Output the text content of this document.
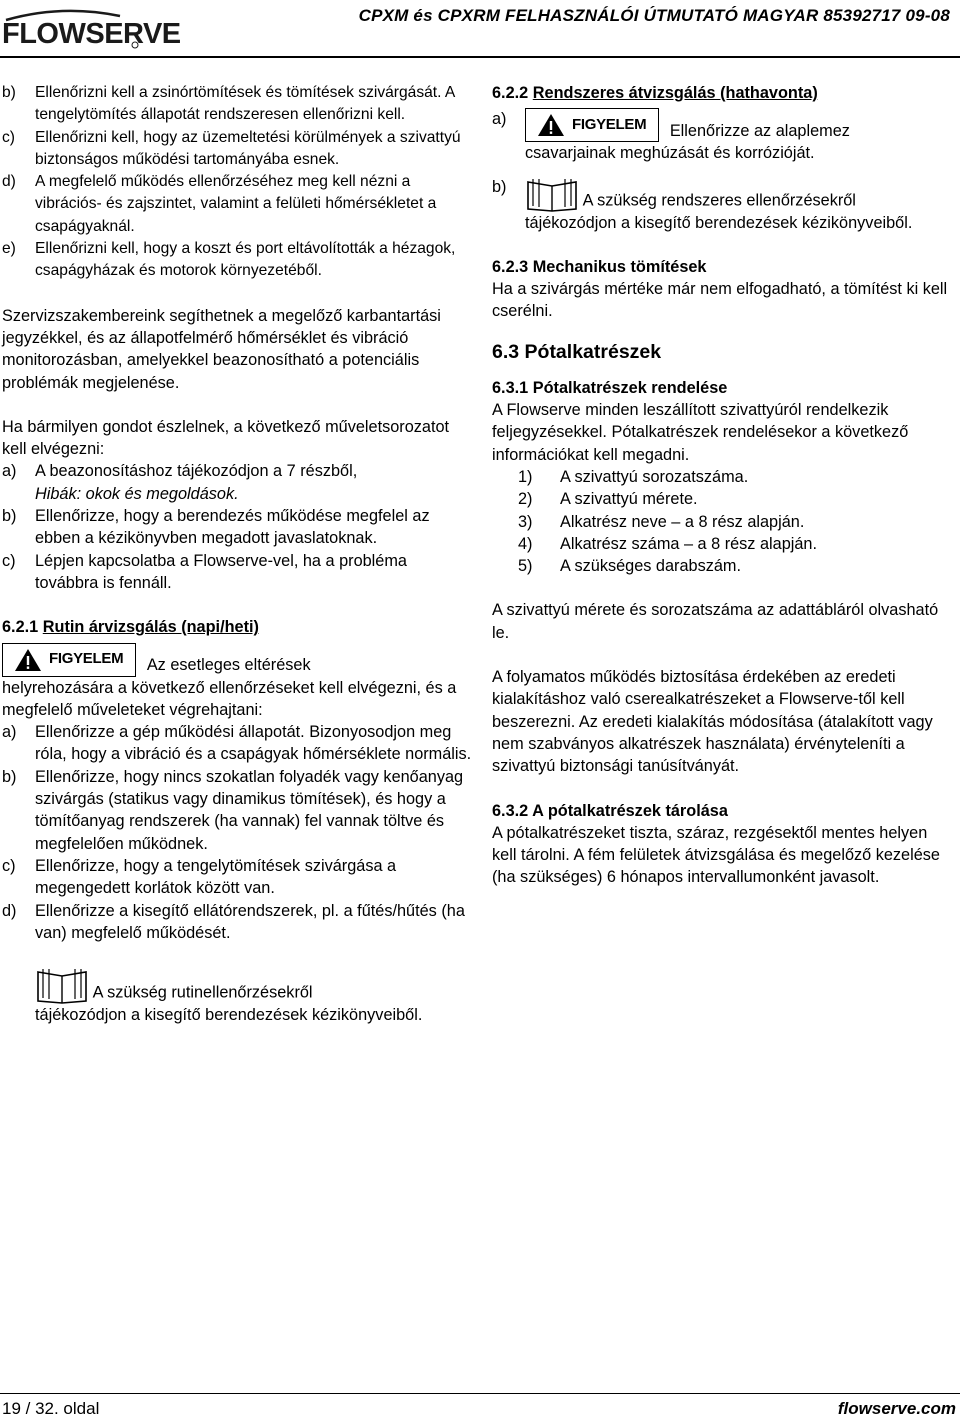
FLOWSERVE
CPXM és CPXRM FELHASZNÁLÓI ÚTMUTATÓ MAGYAR 85392717 09-08
b)	Ellenőrizni kell a zsinórtömítések és tömítések szivárgását. A tengelytömítés állapotát rendszeresen ellenőrizni kell.
c)	Ellenőrizni kell, hogy az üzemeltetési körülmények a szivattyú biztonságos működési tartományába esnek.
d)	A megfelelő működés ellenőrzéséhez meg kell nézni a vibrációs- és zajszintet, valamint a felületi hőmérsékletet a csapágyaknál.
e)	Ellenőrizni kell, hogy a koszt és port eltávolították a hézagok, csapágyházak és motorok környezetéből.

Szervizszakembereink segíthetnek a megelőző karbantartási jegyzékkel, és az állapotfelmérő hőmérséklet és vibráció monitorozásban, amelyekkel beazonosítható a potenciális problémák megjelenése.

Ha bármilyen gondot észlelnek, a következő műveletsorozatot kell elvégezni:

a)	A beazonosításhoz tájékozódjon a 7 részből,
Hibák: okok és megoldások.
b)	Ellenőrizze, hogy a berendezés működése megfelel az ebben a kézikönyvben megadott javaslatoknak.
c)	Lépjen kapcsolatba a Flowserve-vel, ha a probléma továbbra is fennáll.
6.2.1 Rutin árvizsgálás (napi/heti)
FIGYELEM Az esetleges eltérések

helyrehozására a következő ellenőrzéseket kell elvégezni, és a megfelelő műveleteket végrehajtani:

a)	Ellenőrizze a gép működési állapotát. Bizonyosodjon meg róla, hogy a vibráció és a csapágyak hőmérséklete normális.
b)	Ellenőrizze, hogy nincs szokatlan folyadék vagy kenőanyag szivárgás (statikus vagy dinamikus tömítések), és hogy a tömítőanyag rendszerek (ha vannak) fel vannak töltve és megfelelően működnek.
c)	Ellenőrizze, hogy a tengelytömítések szivárgása a megengedett korlátok között van.
d)	Ellenőrizze a kisegítő ellátórendszerek, pl. a fűtés/hűtés (ha van) megfelelő működését.
A szükség rutinellenőrzésekről

tájékozódjon a kisegítő berendezések kézikönyveiből.

6.2.2 Rendszeres átvizsgálás (hathavonta)
a)	FIGYELEM Ellenőrizze az alaplemez
csavarjainak meghúzását és korrózióját.
b)
A szükség rendszeres ellenőrzésekről
tájékozódjon a kisegítő berendezések kézikönyveiből.
6.2.3 Mechanikus tömítések

Ha a szivárgás mértéke már nem elfogadható, a tömítést ki kell cserélni.

6.3 Pótalkatrészek
6.3.1 Pótalkatrészek rendelése

A Flowserve minden leszállított szivattyúról rendelkezik feljegyzésekkel. Pótalkatrészek rendelésekor a következő információkat kell megadni.

1)	A szivattyú sorozatszáma.
2)	A szivattyú mérete.
3)	Alkatrész neve – a 8 rész alapján.
4)	Alkatrész száma – a 8 rész alapján.
5)	A szükséges darabszám.

A szivattyú mérete és sorozatszáma az adattábláról olvasható le.

A folyamatos működés biztosítása érdekében az eredeti kialakításhoz való cserealkatrészeket a Flowserve-től kell beszerezni. Az eredeti kialakítás módosítása (átalakított vagy nem szabványos alkatrészek használata) érvényteleníti a szivattyú biztonsági tanúsítványát.

6.3.2 A pótalkatrészek tárolása

A pótalkatrészeket tiszta, száraz, rezgésektől mentes helyen kell tárolni. A fém felületek átvizsgálása és megelőző kezelése (ha szükséges) 6 hónapos intervallumonként javasolt.

19 / 32. oldal	flowserve.com
